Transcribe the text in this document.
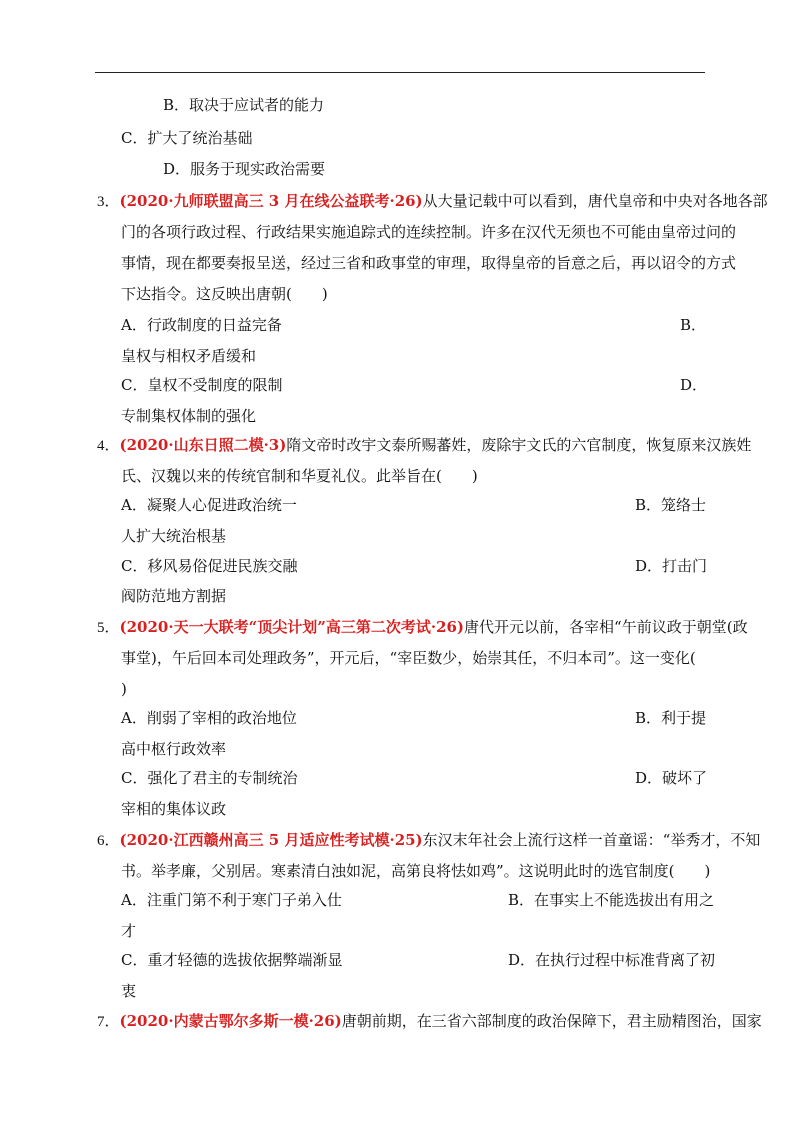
B．取决于应试者的能力
C．扩大了统治基础
D．服务于现实政治需要
3．(2020·九师联盟高三 3 月在线公益联考·26)从大量记载中可以看到，唐代皇帝和中央对各地各部
门的各项行政过程、行政结果实施追踪式的连续控制。许多在汉代无须也不可能由皇帝过问的
事情，现在都要奏报呈送，经过三省和政事堂的审理，取得皇帝的旨意之后，再以诏令的方式
下达指令。这反映出唐朝(　　)
A．行政制度的日益完备	B．
皇权与相权矛盾缓和
C．皇权不受制度的限制	D．
专制集权体制的强化
4．(2020·山东日照二模·3)隋文帝时改宇文泰所赐蕃姓，废除宇文氏的六官制度，恢复原来汉族姓
氏、汉魏以来的传统官制和华夏礼仪。此举旨在(　　)
A．凝聚人心促进政治统一	B．笼络士
人扩大统治根基
C．移风易俗促进民族交融	D．打击门
阀防范地方割据
5．(2020·天一大联考“顶尖计划”高三第二次考试·26)唐代开元以前，各宰相“午前议政于朝堂(政
事堂)，午后回本司处理政务”，开元后，“宰臣数少，始崇其任，不归本司”。这一变化(
)
A．削弱了宰相的政治地位	B．利于提
高中枢行政效率
C．强化了君主的专制统治	D．破坏了
宰相的集体议政
6．(2020·江西赣州高三 5 月适应性考试模·25)东汉末年社会上流行这样一首童谣：“举秀才，不知
书。举孝廉，父别居。寒素清白浊如泥，高第良将怯如鸡”。这说明此时的选官制度(　　)
A．注重门第不利于寒门子弟入仕	B．在事实上不能选拔出有用之
才
C．重才轻德的选拔依据弊端渐显	D．在执行过程中标准背离了初
衷
7．(2020·内蒙古鄂尔多斯一模·26)唐朝前期，在三省六部制度的政治保障下，君主励精图治，国家
